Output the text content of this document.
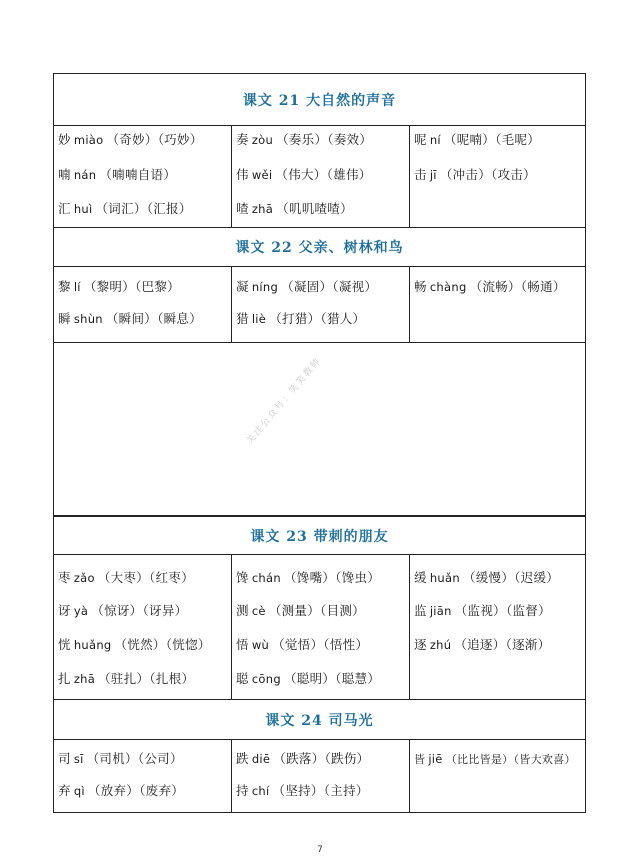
课文 21 大自然的声音
妙 miào （奇妙）（巧妙）
喃 nán （喃喃自语）
汇 huì （词汇）（汇报）
奏 zòu （奏乐）（奏效）
伟 wěi （伟大）（雄伟）
喳 zhā （叽叽喳喳）
呢 ní （呢喃）（毛呢）
击 jī （冲击）（攻击）
课文 22 父亲、树林和鸟
黎 lí （黎明）（巴黎）
瞬 shùn （瞬间）（瞬息）
凝 níng （凝固）（凝视）
猎 liè （打猎）（猎人）
畅 chàng （流畅）（畅通）
课文 23 带刺的朋友
枣 zǎo （大枣）（红枣）
讶 yà （惊讶）（讶异）
恍 huǎng （恍然）（恍惚）
扎 zhā （驻扎）（扎根）
馋 chán （馋嘴）（馋虫）
测 cè （测量）（目测）
悟 wù （觉悟）（悟性）
聪 cōng （聪明）（聪慧）
缓 huǎn （缓慢）（迟缓）
监 jiān （监视）（监督）
逐 zhú （追逐）（逐渐）
课文 24 司马光
司 sī （司机）（公司）
弃 qì （放弃）（废弃）
跌 diē （跌落）（跌伤）
持 chí （坚持）（主持）
皆 jiē （比比皆是）（皆大欢喜）
关注公众号：笑笑教师
7
